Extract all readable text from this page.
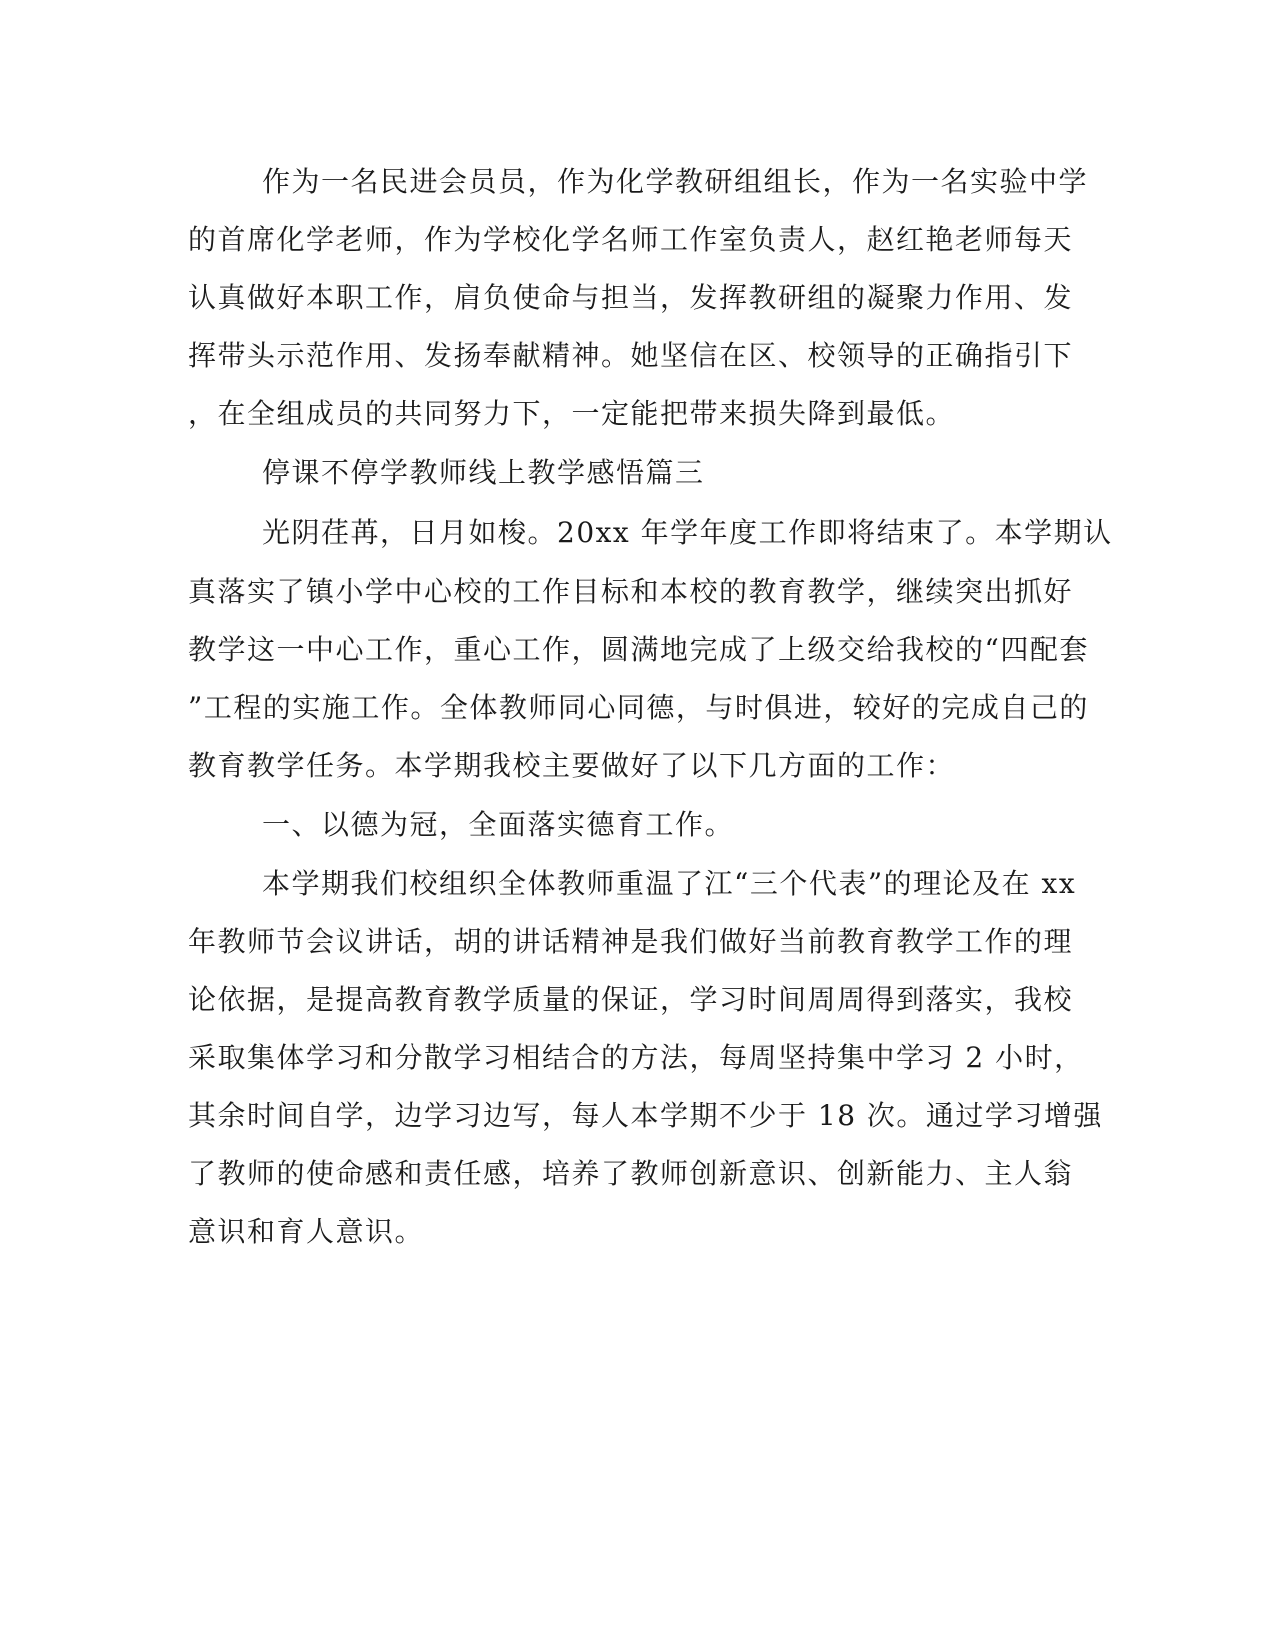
作为一名民进会员员，作为化学教研组组长，作为一名实验中学
的首席化学老师，作为学校化学名师工作室负责人，赵红艳老师每天
认真做好本职工作，肩负使命与担当，发挥教研组的凝聚力作用、发
挥带头示范作用、发扬奉献精神。她坚信在区、校领导的正确指引下
，在全组成员的共同努力下，一定能把带来损失降到最低。
停课不停学教师线上教学感悟篇三
光阴荏苒，日月如梭。20xx 年学年度工作即将结束了。本学期认
真落实了镇小学中心校的工作目标和本校的教育教学，继续突出抓好
教学这一中心工作，重心工作，圆满地完成了上级交给我校的“四配套
”工程的实施工作。全体教师同心同德，与时俱进，较好的完成自己的
教育教学任务。本学期我校主要做好了以下几方面的工作：
一、以德为冠，全面落实德育工作。
本学期我们校组织全体教师重温了江“三个代表”的理论及在 xx
年教师节会议讲话，胡的讲话精神是我们做好当前教育教学工作的理
论依据，是提高教育教学质量的保证，学习时间周周得到落实，我校
采取集体学习和分散学习相结合的方法，每周坚持集中学习 2 小时，
其余时间自学，边学习边写，每人本学期不少于 18 次。通过学习增强
了教师的使命感和责任感，培养了教师创新意识、创新能力、主人翁
意识和育人意识。
